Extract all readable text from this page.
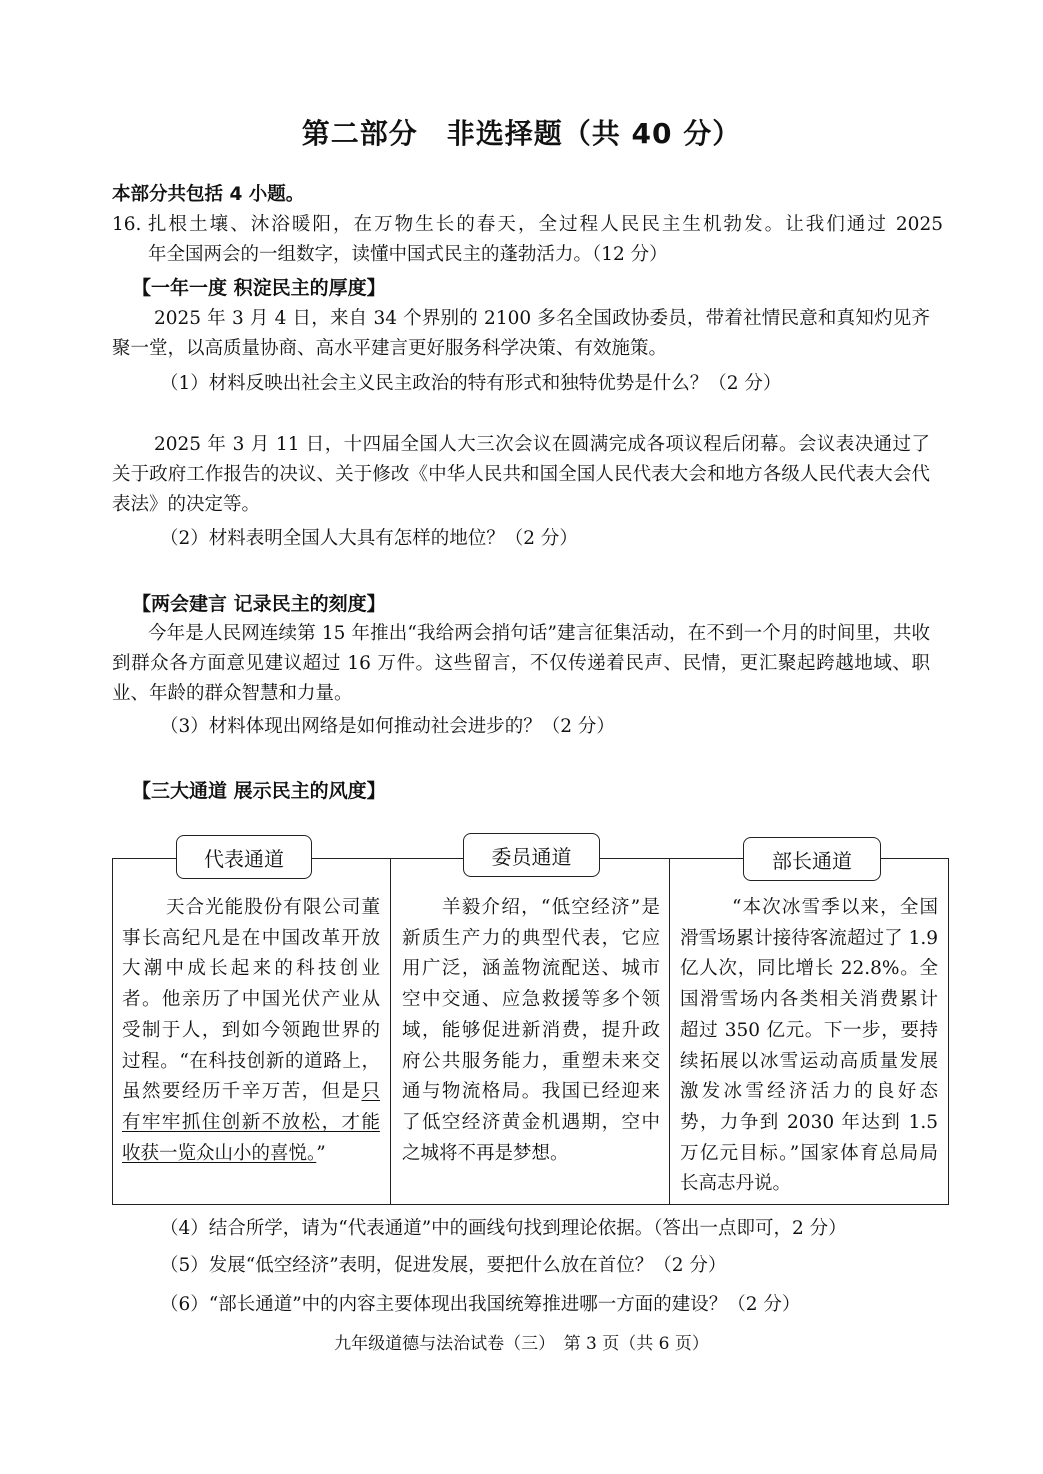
第二部分　非选择题（共 40 分）
本部分共包括 4 小题。
16. 扎根土壤、沐浴暖阳，在万物生长的春天，全过程人民民主生机勃发。让我们通过 2025
年全国两会的一组数字，读懂中国式民主的蓬勃活力。（12 分）
【一年一度 积淀民主的厚度】
2025 年 3 月 4 日，来自 34 个界别的 2100 多名全国政协委员，带着社情民意和真知灼见齐聚一堂，以高质量协商、高水平建言更好服务科学决策、有效施策。
（1）材料反映出社会主义民主政治的特有形式和独特优势是什么？（2 分）
2025 年 3 月 11 日，十四届全国人大三次会议在圆满完成各项议程后闭幕。会议表决通过了关于政府工作报告的决议、关于修改《中华人民共和国全国人民代表大会和地方各级人民代表大会代表法》的决定等。
（2）材料表明全国人大具有怎样的地位？（2 分）
【两会建言 记录民主的刻度】
今年是人民网连续第 15 年推出“我给两会捎句话”建言征集活动，在不到一个月的时间里，共收到群众各方面意见建议超过 16 万件。这些留言，不仅传递着民声、民情，更汇聚起跨越地域、职业、年龄的群众智慧和力量。
（3）材料体现出网络是如何推动社会进步的？（2 分）
【三大通道 展示民主的风度】
代表通道	委员通道	部长通道
天合光能股份有限公司董事长高纪凡是在中国改革开放大潮中成长起来的科技创业者。他亲历了中国光伏产业从受制于人，到如今领跑世界的过程。“在科技创新的道路上，虽然要经历千辛万苦，但是只有牢牢抓住创新不放松，才能收获一览众山小的喜悦。”
羊毅介绍，“低空经济”是新质生产力的典型代表，它应用广泛，涵盖物流配送、城市空中交通、应急救援等多个领域，能够促进新消费，提升政府公共服务能力，重塑未来交通与物流格局。我国已经迎来了低空经济黄金机遇期，空中之城将不再是梦想。
“本次冰雪季以来，全国滑雪场累计接待客流超过了 1.9 亿人次，同比增长 22.8%。全国滑雪场内各类相关消费累计超过 350 亿元。下一步，要持续拓展以冰雪运动高质量发展激发冰雪经济活力的良好态势，力争到 2030 年达到 1.5 万亿元目标。”国家体育总局局长高志丹说。
（4）结合所学，请为“代表通道”中的画线句找到理论依据。（答出一点即可，2 分）
（5）发展“低空经济”表明，促进发展，要把什么放在首位？（2 分）
（6）“部长通道”中的内容主要体现出我国统筹推进哪一方面的建设？（2 分）
九年级道德与法治试卷（三）　第 3 页（共 6 页）
